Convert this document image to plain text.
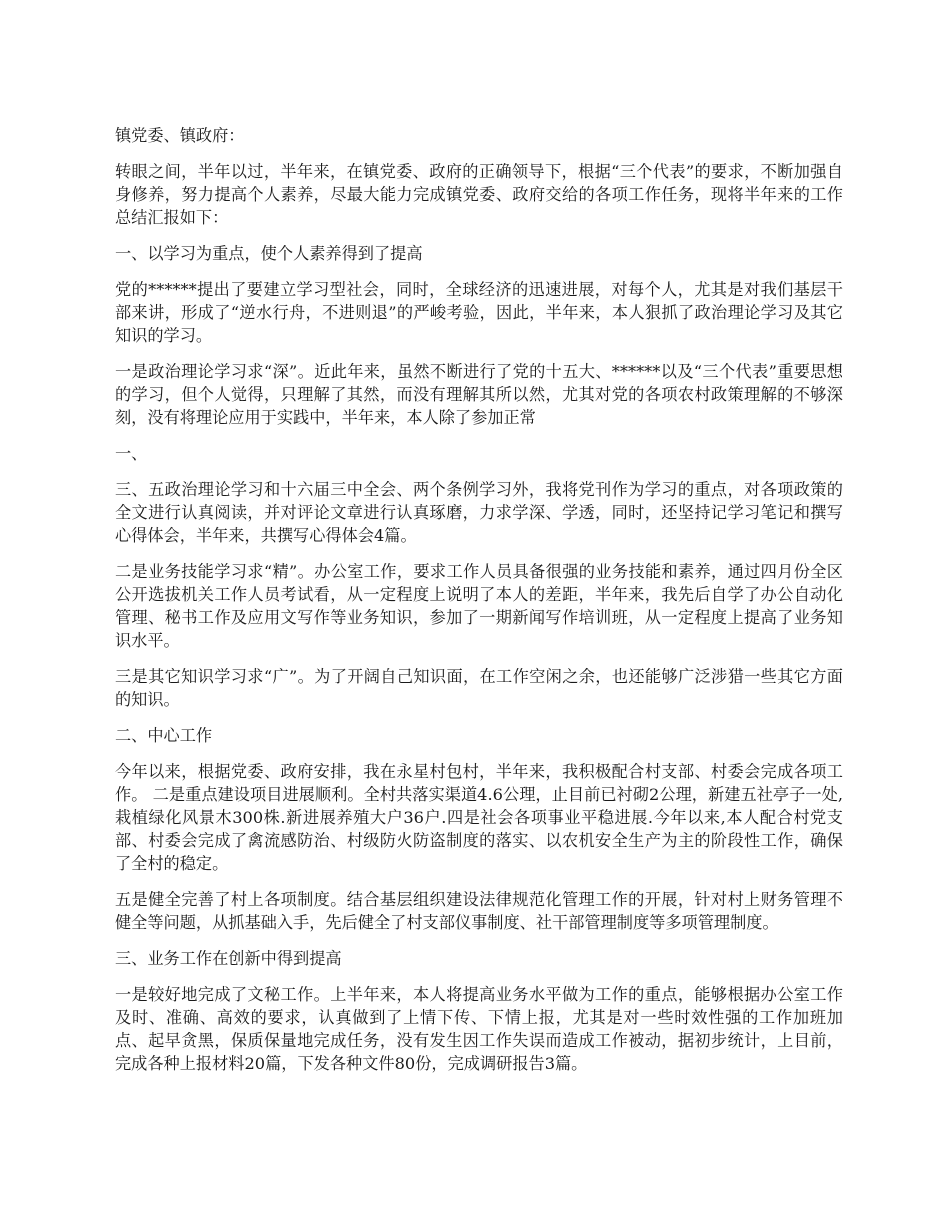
镇党委、镇政府：

转眼之间，半年以过，半年来，在镇党委、政府的正确领导下，根据“三个代表”的要求，不断加强自身修养，努力提高个人素养，尽最大能力完成镇党委、政府交给的各项工作任务，现将半年来的工作总结汇报如下：

一、以学习为重点，使个人素养得到了提高

党的******提出了要建立学习型社会，同时，全球经济的迅速进展，对每个人，尤其是对我们基层干部来讲，形成了“逆水行舟，不进则退”的严峻考验，因此，半年来，本人狠抓了政治理论学习及其它知识的学习。

一是政治理论学习求“深”。近此年来，虽然不断进行了党的十五大、******以及“三个代表”重要思想的学习，但个人觉得，只理解了其然，而没有理解其所以然，尤其对党的各项农村政策理解的不够深刻，没有将理论应用于实践中，半年来，本人除了参加正常

一、

三、五政治理论学习和十六届三中全会、两个条例学习外，我将党刊作为学习的重点，对各项政策的全文进行认真阅读，并对评论文章进行认真琢磨，力求学深、学透，同时，还坚持记学习笔记和撰写心得体会，半年来，共撰写心得体会4篇。

二是业务技能学习求“精”。办公室工作，要求工作人员具备很强的业务技能和素养，通过四月份全区公开选拔机关工作人员考试看，从一定程度上说明了本人的差距，半年来，我先后自学了办公自动化管理、秘书工作及应用文写作等业务知识，参加了一期新闻写作培训班，从一定程度上提高了业务知识水平。

三是其它知识学习求“广”。为了开阔自己知识面，在工作空闲之余，也还能够广泛涉猎一些其它方面的知识。

二、中心工作

今年以来，根据党委、政府安排，我在永星村包村，半年来，我积极配合村支部、村委会完成各项工作。 二是重点建设项目进展顺利。全村共落实渠道4.6公理，止目前已衬砌2公理，新建五社亭子一处,栽植绿化风景木300株.新进展养殖大户36户.四是社会各项事业平稳进展.今年以来,本人配合村党支部、村委会完成了禽流感防治、村级防火防盗制度的落实、以农机安全生产为主的阶段性工作，确保了全村的稳定。

五是健全完善了村上各项制度。结合基层组织建设法律规范化管理工作的开展，针对村上财务管理不健全等问题，从抓基础入手，先后健全了村支部仪事制度、社干部管理制度等多项管理制度。

三、业务工作在创新中得到提高

一是较好地完成了文秘工作。上半年来，本人将提高业务水平做为工作的重点，能够根据办公室工作及时、准确、高效的要求，认真做到了上情下传、下情上报，尤其是对一些时效性强的工作加班加点、起早贪黑，保质保量地完成任务，没有发生因工作失误而造成工作被动，据初步统计，上目前，完成各种上报材料20篇，下发各种文件80份，完成调研报告3篇。
